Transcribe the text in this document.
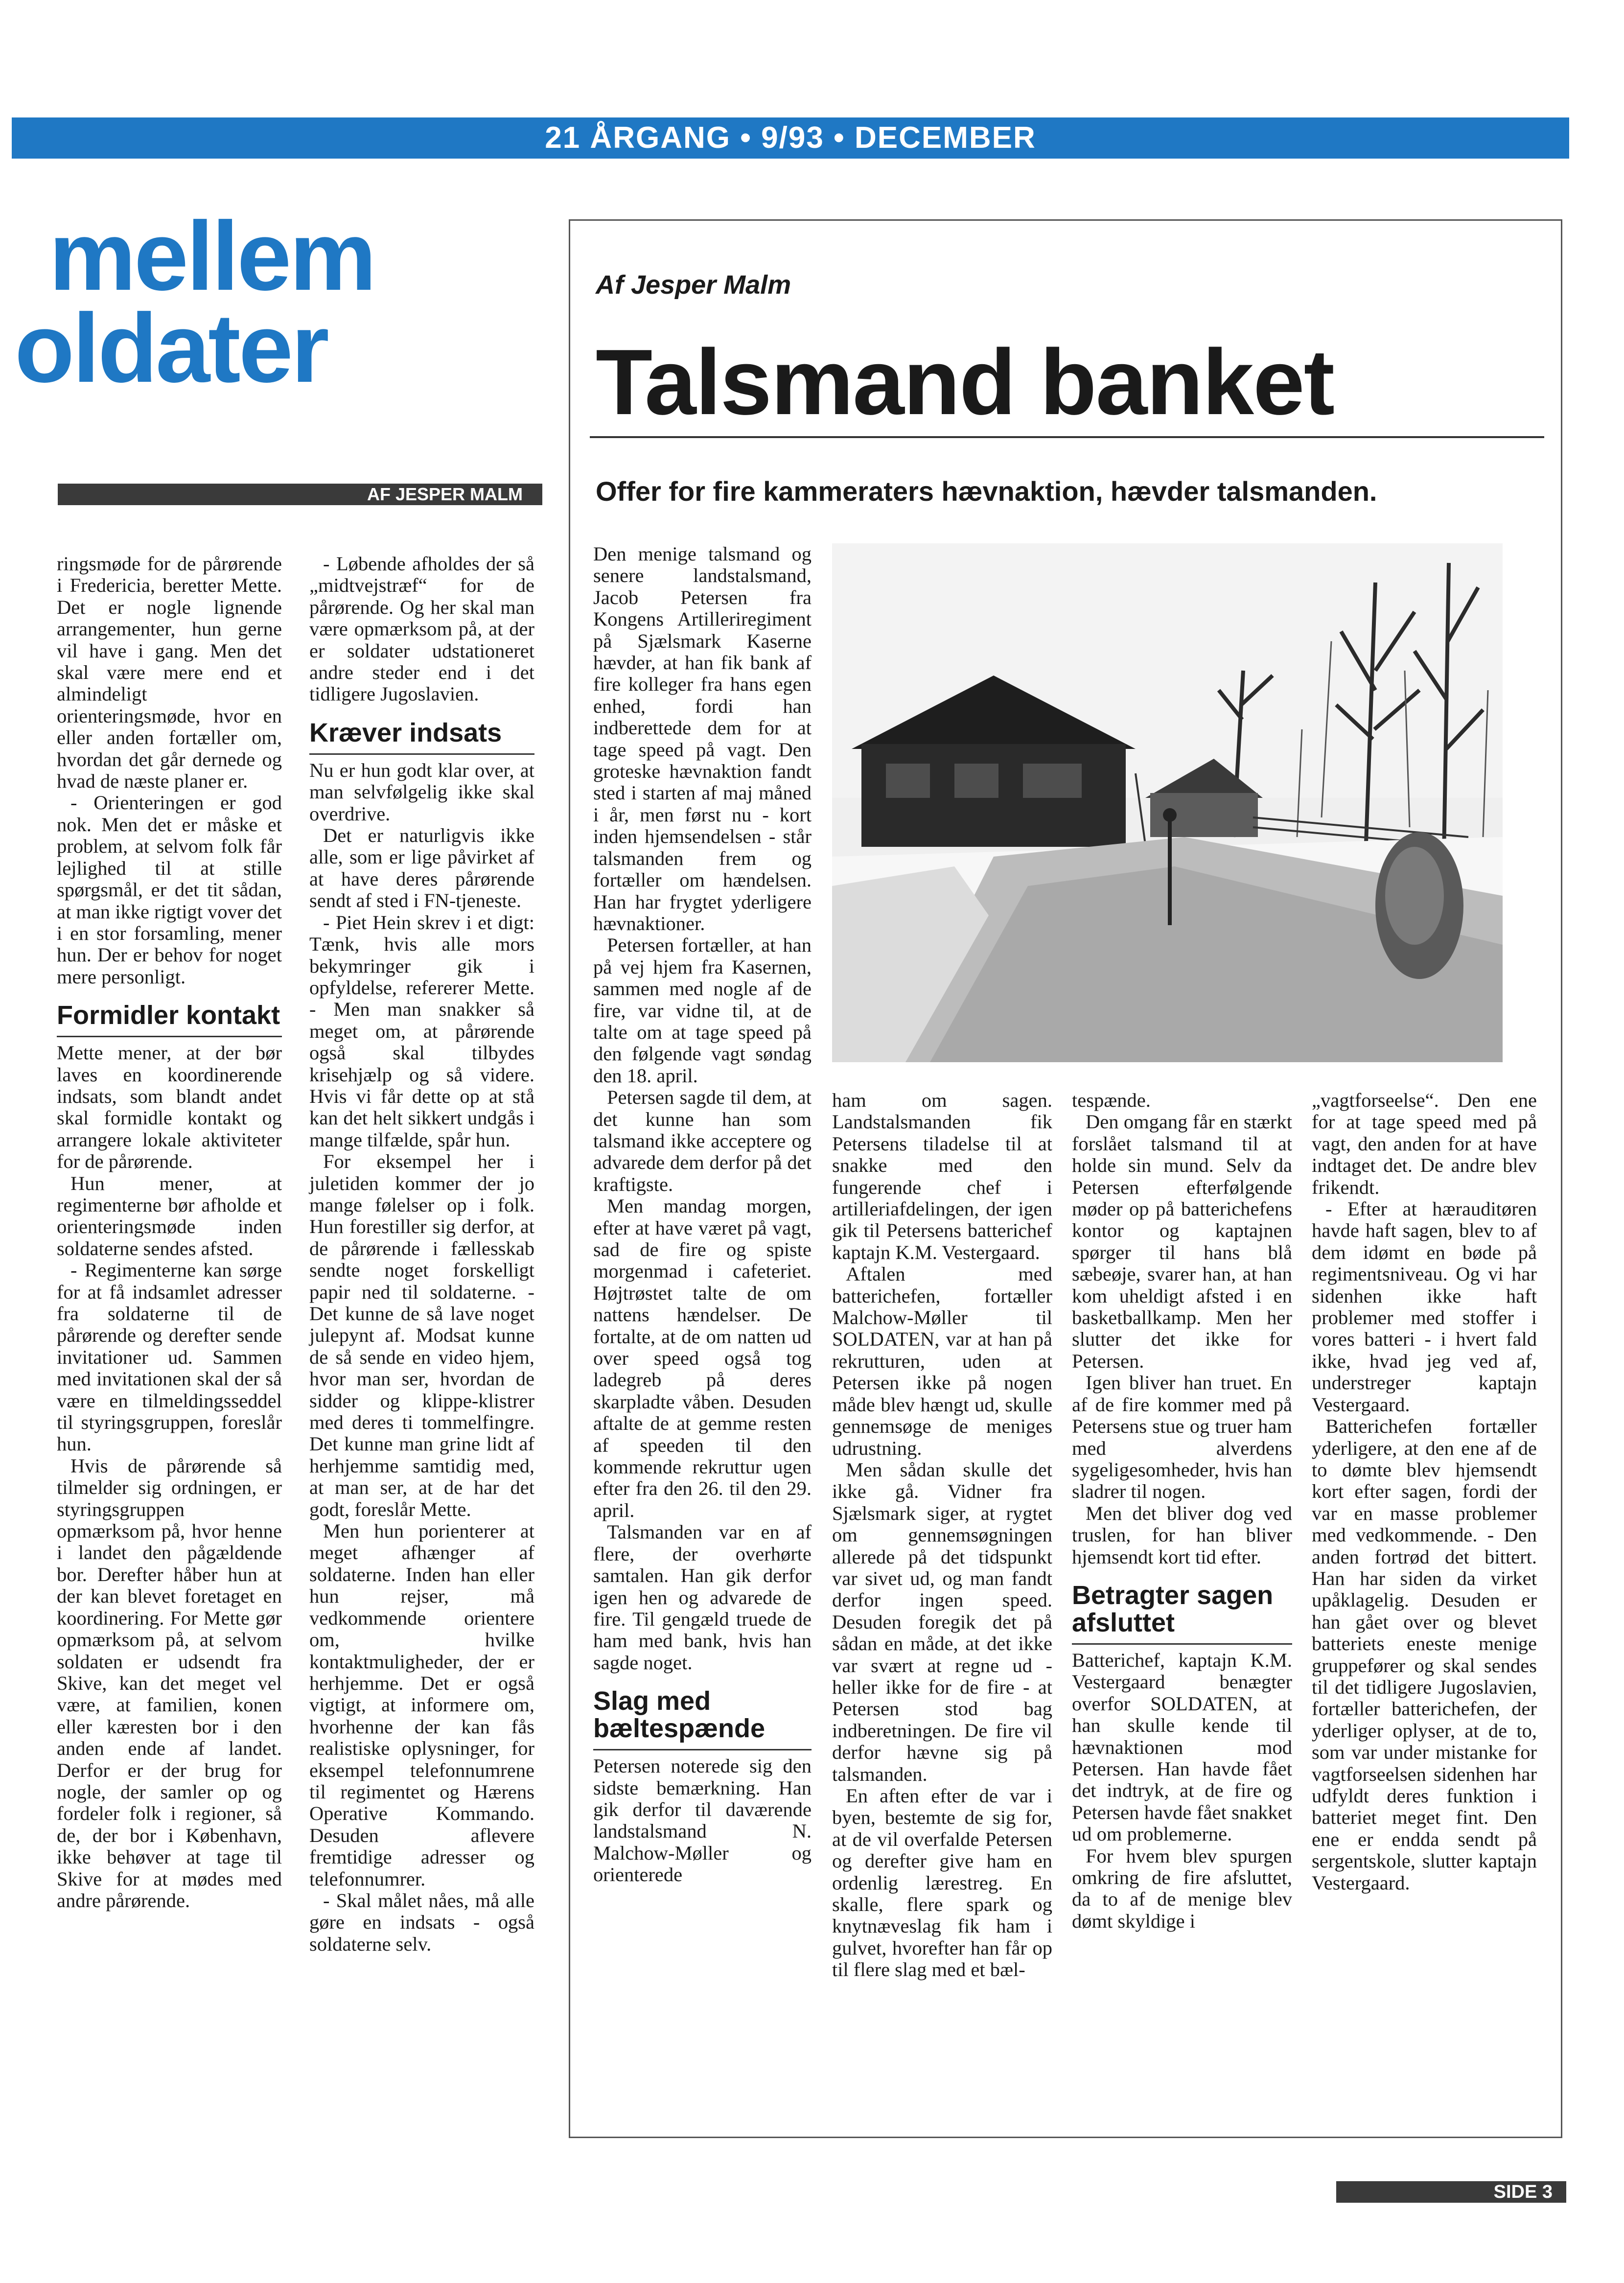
21 ÅRGANG • 9/93 • DECEMBER
mellem
oldater
AF JESPER MALM

ringsmøde for de pårørende i Fredericia, beretter Mette. Det er nogle lignende arrangementer, hun gerne vil have i gang. Men det skal være mere end et almindeligt orienteringsmøde, hvor en eller anden fortæller om, hvordan det går dernede og hvad de næste planer er.

- Orienteringen er god nok. Men det er måske et problem, at selvom folk får lejlighed til at stille spørgsmål, er det tit sådan, at man ikke rigtigt vover det i en stor forsamling, mener hun. Der er behov for noget mere personligt.

Formidler kontakt

Mette mener, at der bør laves en koordinerende indsats, som blandt andet skal formidle kontakt og arrangere lokale aktiviteter for de pårørende.

Hun mener, at regimenterne bør afholde et orienteringsmøde inden soldaterne sendes afsted.

- Regimenterne kan sørge for at få indsamlet adresser fra soldaterne til de pårørende og derefter sende invitationer ud. Sammen med invitationen skal der så være en tilmeldingsseddel til styringsgruppen, foreslår hun.

Hvis de pårørende så tilmelder sig ordningen, er styringsgruppen opmærksom på, hvor henne i landet den pågældende bor. Derefter håber hun at der kan blevet foretaget en koordinering. For Mette gør opmærksom på, at selvom soldaten er udsendt fra Skive, kan det meget vel være, at familien, konen eller kæresten bor i den anden ende af landet. Derfor er der brug for nogle, der samler op og fordeler folk i regioner, så de, der bor i København, ikke behøver at tage til Skive for at mødes med andre pårørende.

- Løbende afholdes der så „midtvejstræf“ for de pårørende. Og her skal man være opmærksom på, at der er soldater udstationeret andre steder end i det tidligere Jugoslavien.

Kræver indsats

Nu er hun godt klar over, at man selvfølgelig ikke skal overdrive.

Det er naturligvis ikke alle, som er lige påvirket af at have deres pårørende sendt af sted i FN-tjeneste.

- Piet Hein skrev i et digt: Tænk, hvis alle mors bekymringer gik i opfyldelse, refererer Mette. - Men man snakker så meget om, at pårørende også skal tilbydes krisehjælp og så videre. Hvis vi får dette op at stå kan det helt sikkert undgås i mange tilfælde, spår hun.

For eksempel her i juletiden kommer der jo mange følelser op i folk. Hun forestiller sig derfor, at de pårørende i fællesskab sendte noget forskelligt papir ned til soldaterne. - Det kunne de så lave noget julepynt af. Modsat kunne de så sende en video hjem, hvor man ser, hvordan de sidder og klippe-klistrer med deres ti tommelfingre. Det kunne man grine lidt af herhjemme samtidig med, at man ser, at de har det godt, foreslår Mette.

Men hun porienterer at meget afhænger af soldaterne. Inden han eller hun rejser, må vedkommende orientere om, hvilke kontaktmuligheder, der er herhjemme. Det er også vigtigt, at informere om, hvorhenne der kan fås realistiske oplysninger, for eksempel telefonnumrene til regimentet og Hærens Operative Kommando. Desuden aflevere fremtidige adresser og telefonnumrer.

- Skal målet nåes, må alle gøre en indsats - også soldaterne selv.

Af Jesper Malm
Talsmand banket
Offer for fire kammeraters hævnaktion, hævder talsmanden.

Den menige talsmand og senere landstalsmand, Jacob Petersen fra Kongens Artilleriregiment på Sjælsmark Kaserne hævder, at han fik bank af fire kolleger fra hans egen enhed, fordi han indberettede dem for at tage speed på vagt. Den groteske hævnaktion fandt sted i starten af maj måned i år, men først nu - kort inden hjemsendelsen - står talsmanden frem og fortæller om hændelsen. Han har frygtet yderligere hævnaktioner.

Petersen fortæller, at han på vej hjem fra Kasernen, sammen med nogle af de fire, var vidne til, at de talte om at tage speed på den følgende vagt søndag den 18. april.

Petersen sagde til dem, at det kunne han som talsmand ikke acceptere og advarede dem derfor på det kraftigste.

Men mandag morgen, efter at have været på vagt, sad de fire og spiste morgenmad i cafeteriet. Højtrøstet talte de om nattens hændelser. De fortalte, at de om natten ud over speed også tog ladegreb på deres skarpladte våben. Desuden aftalte de at gemme resten af speeden til den kommende rekruttur ugen efter fra den 26. til den 29. april.

Talsmanden var en af flere, der overhørte samtalen. Han gik derfor igen hen og advarede de fire. Til gengæld truede de ham med bank, hvis han sagde noget.

Slag med bæltespænde

Petersen noterede sig den sidste bemærkning. Han gik derfor til daværende landstalsmand N. Malchow-Møller og orienterede

ham om sagen. Landstalsmanden fik Petersens tiladelse til at snakke med den fungerende chef i artilleriafdelingen, der igen gik til Petersens batterichef kaptajn K.M. Vestergaard.

Aftalen med batterichefen, fortæller Malchow-Møller til SOLDATEN, var at han på rekrutturen, uden at Petersen ikke på nogen måde blev hængt ud, skulle gennemsøge de meniges udrustning.

Men sådan skulle det ikke gå. Vidner fra Sjælsmark siger, at rygtet om gennemsøgningen allerede på det tidspunkt var sivet ud, og man fandt derfor ingen speed. Desuden foregik det på sådan en måde, at det ikke var svært at regne ud - heller ikke for de fire - at Petersen stod bag indberetningen. De fire vil derfor hævne sig på talsmanden.

En aften efter de var i byen, bestemte de sig for, at de vil overfalde Petersen og derefter give ham en ordenlig lærestreg. En skalle, flere spark og knytnæveslag fik ham i gulvet, hvorefter han får op til flere slag med et bæl-

tespænde.

Den omgang får en stærkt forslået talsmand til at holde sin mund. Selv da Petersen efterfølgende møder op på batterichefens kontor og kaptajnen spørger til hans blå sæbeøje, svarer han, at han kom uheldigt afsted i en basketballkamp. Men her slutter det ikke for Petersen.

Igen bliver han truet. En af de fire kommer med på Petersens stue og truer ham med alverdens sygeligesomheder, hvis han sladrer til nogen.

Men det bliver dog ved truslen, for han bliver hjemsendt kort tid efter.

Betragter sagen afsluttet

Batterichef, kaptajn K.M. Vestergaard benægter overfor SOLDATEN, at han skulle kende til hævnaktionen mod Petersen. Han havde fået det indtryk, at de fire og Petersen havde fået snakket ud om problemerne.

For hvem blev spurgen omkring de fire afsluttet, da to af de menige blev dømt skyldige i

„vagtforseelse“. Den ene for at tage speed med på vagt, den anden for at have indtaget det. De andre blev frikendt.

- Efter at hærauditøren havde haft sagen, blev to af dem idømt en bøde på regimentsniveau. Og vi har sidenhen ikke haft problemer med stoffer i vores batteri - i hvert fald ikke, hvad jeg ved af, understreger kaptajn Vestergaard.

Batterichefen fortæller yderligere, at den ene af de to dømte blev hjemsendt kort efter sagen, fordi der var en masse problemer med vedkommende. - Den anden fortrød det bittert. Han har siden da virket upåklagelig. Desuden er han gået over og blevet batteriets eneste menige gruppefører og skal sendes til det tidligere Jugoslavien, fortæller batterichefen, der yderliger oplyser, at de to, som var under mistanke for vagtforseelsen sidenhen har udfyldt deres funktion i batteriet meget fint. Den ene er endda sendt på sergentskole, slutter kaptajn Vestergaard.

SIDE 3
